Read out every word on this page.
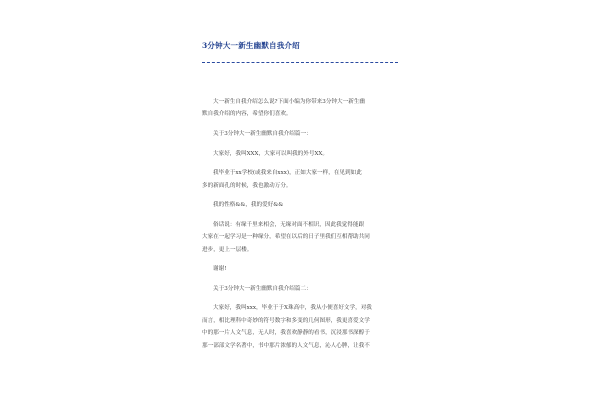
3分钟大一新生幽默自我介绍

大一新生自我介绍怎么说?下面小编为你带来3分钟大一新生幽
默自我介绍的内容，希望你们喜欢。

关于3分钟大一新生幽默自我介绍篇一：

大家好，我叫XXX，大家可以叫我的外号XX。

我毕业于xx学校(或我来自xxx)，正如大家一样，在见到如此
多的新面孔的时候，我也激动万分。

我的性格&&，我的爱好&&

俗话说：有缘千里来相会，无缘对面不相识，因此我觉得能跟
大家在一起学习是一种缘分，希望在以后的日子里我们互相帮助共同
进步，更上一层楼。

谢谢!

关于3分钟大一新生幽默自我介绍篇二：

大家好，我叫xxx，毕业于于X珠高中，我从小便喜好文学，对我
而言，相比理科中奇妙的符号数字和多变的几何图形，我更喜爱文学
中的那一片人文气息，无人时，我喜欢静静的看书，沉浸那书深醇于
那一部部文学名著中，书中那片浓郁的人文气息，沁人心脾，让我不
